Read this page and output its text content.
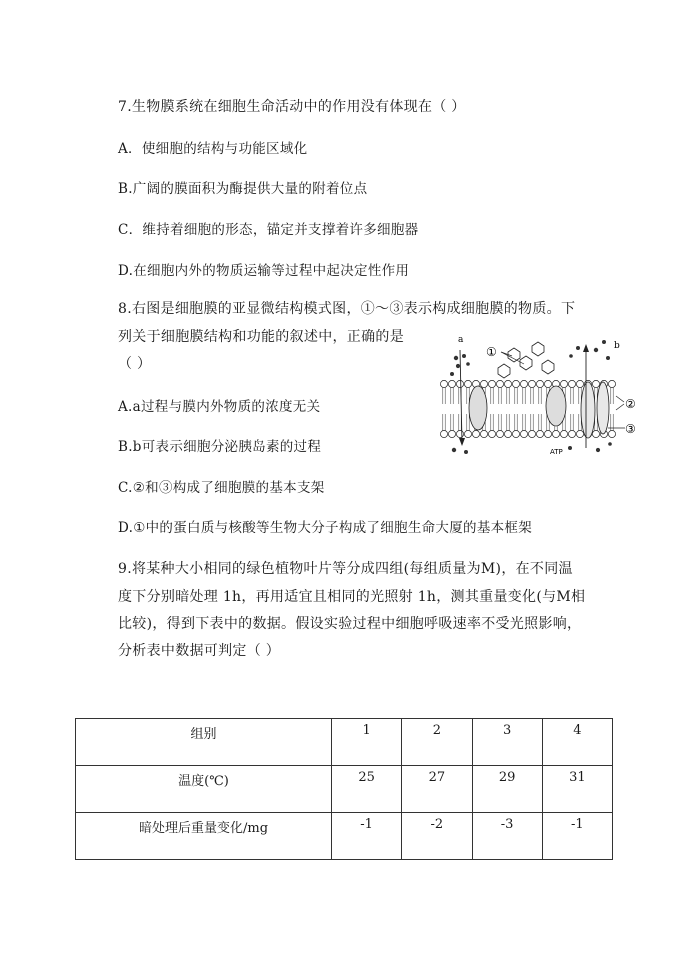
7.生物膜系统在细胞生命活动中的作用没有体现在（ ）
A．使细胞的结构与功能区域化
B.广阔的膜面积为酶提供大量的附着位点
C．维持着细胞的形态，锚定并支撑着许多细胞器
D.在细胞内外的物质运输等过程中起决定性作用
8.右图是细胞膜的亚显微结构模式图，①～③表示构成细胞膜的物质。下
列关于细胞膜结构和功能的叙述中，正确的是
（ ）
A.a过程与膜内外物质的浓度无关
B.b可表示细胞分泌胰岛素的过程
C.②和③构成了细胞膜的基本支架
D.①中的蛋白质与核酸等生物大分子构成了细胞生命大厦的基本框架
a
b
①
②
③
ATP
9.将某种大小相同的绿色植物叶片等分成四组(每组质量为M)，在不同温
度下分别暗处理 1h，再用适宜且相同的光照射 1h，测其重量变化(与M相
比较)，得到下表中的数据。假设实验过程中细胞呼吸速率不受光照影响，
分析表中数据可判定（ ）
组别	1	2	3	4
温度(℃)	25	27	29	31
暗处理后重量变化/mg	-1	-2	-3	-1
